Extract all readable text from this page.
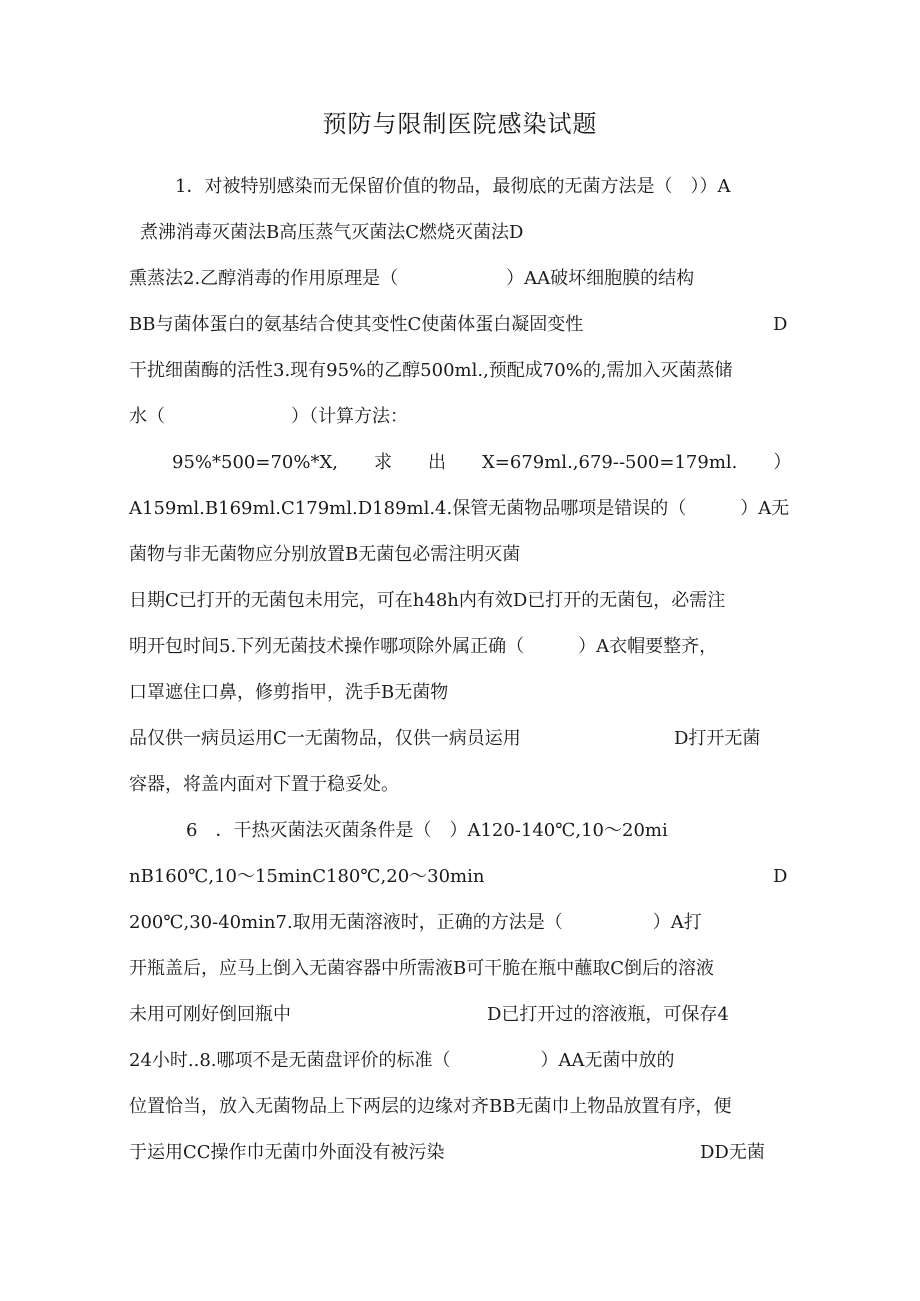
预防与限制医院感染试题
1．对被特别感染而无保留价值的物品，最彻底的无菌方法是（　））A
煮沸消毒灭菌法B高压蒸气灭菌法C燃烧灭菌法D
熏蒸法2.乙醇消毒的作用原理是（　　　　　　）AA破坏细胞膜的结构
BB与菌体蛋白的氨基结合使其变性C使菌体蛋白凝固变性	D
干扰细菌酶的活性3.现有95%的乙醇500ml.,预配成70%的,需加入灭菌蒸储
水（　　　　　　　）（计算方法：
95%*500=70%*X,　　求　　出　　X=679ml.,679--500=179ml.　　）
A159ml.B169ml.C179ml.D189ml.4.保管无菌物品哪项是错误的（　　　）A无
菌物与非无菌物应分别放置B无菌包必需注明灭菌
日期C已打开的无菌包未用完，可在h48h内有效D已打开的无菌包，必需注
明开包时间5.下列无菌技术操作哪项除外属正确（　　　）A衣帽要整齐，
口罩遮住口鼻，修剪指甲，洗手B无菌物
品仅供一病员运用C一无菌物品，仅供一病员运用	D打开无菌
容器，将盖内面对下置于稳妥处。
6　．干热灭菌法灭菌条件是（　）A120-140℃,10～20mi
nB160℃,10～15minC180℃,20～30min	D
200℃,30-40min7.取用无菌溶液时，正确的方法是（　　　　　）A打
开瓶盖后，应马上倒入无菌容器中所需液B可干脆在瓶中蘸取C倒后的溶液
未用可刚好倒回瓶中	D已打开过的溶液瓶，可保存4
24小时..8.哪项不是无菌盘评价的标准（　　　　　）AA无菌中放的
位置恰当，放入无菌物品上下两层的边缘对齐BB无菌巾上物品放置有序，便
于运用CC操作巾无菌巾外面没有被污染	DD无菌
